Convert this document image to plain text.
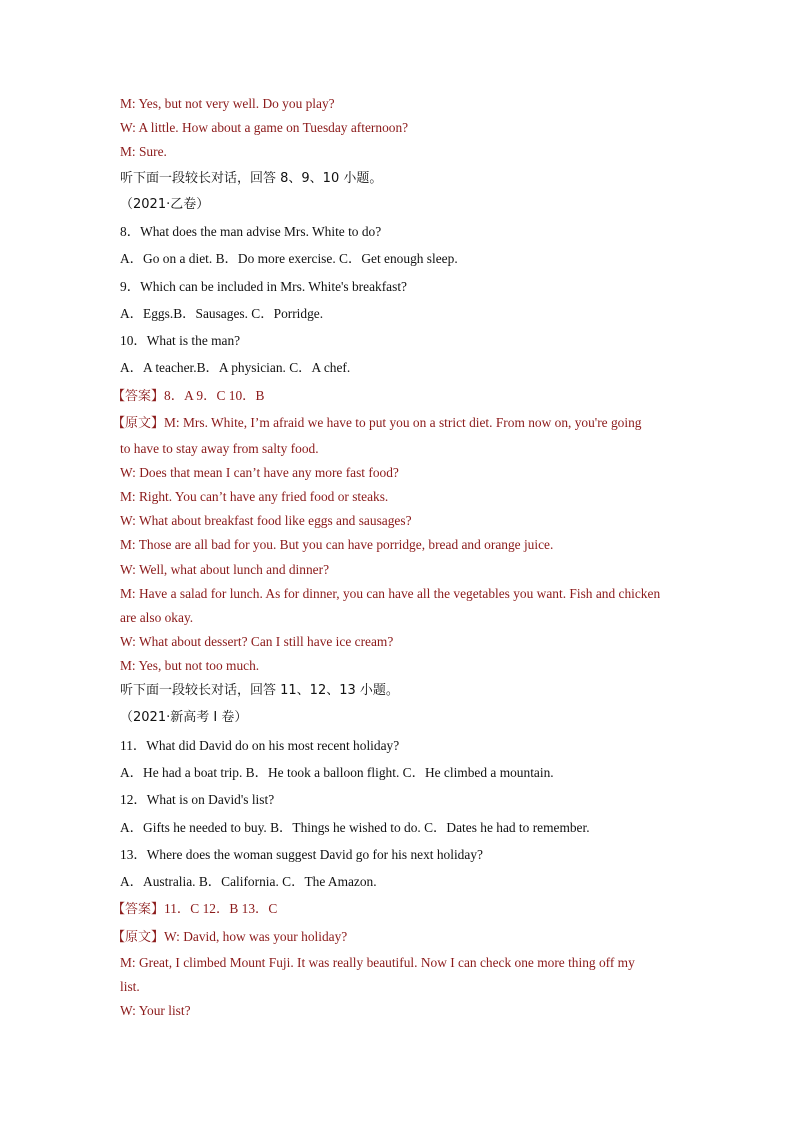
M: Yes, but not very well. Do you play?
W: A little. How about a game on Tuesday afternoon?
M: Sure.
听下面一段较长对话，回答 8、9、10 小题。
（2021·乙卷）
8．What does the man advise Mrs. White to do?
A．Go on a diet. B．Do more exercise. C．Get enough sleep.
9．Which can be included in Mrs. White's breakfast?
A．Eggs.B．Sausages. C．Porridge.
10．What is the man?
A．A teacher.B．A physician. C．A chef.
【答案】8．A 9．C 10．B
【原文】M: Mrs. White, I’m afraid we have to put you on a strict diet. From now on, you're going
to have to stay away from salty food.
W: Does that mean I can’t have any more fast food?
M: Right. You can’t have any fried food or steaks.
W: What about breakfast food like eggs and sausages?
M: Those are all bad for you. But you can have porridge, bread and orange juice.
W: Well, what about lunch and dinner?
M: Have a salad for lunch. As for dinner, you can have all the vegetables you want. Fish and chicken
are also okay.
W: What about dessert? Can I still have ice cream?
M: Yes, but not too much.
听下面一段较长对话，回答 11、12、13 小题。
（2021·新高考 I 卷）
11．What did David do on his most recent holiday?
A．He had a boat trip. B．He took a balloon flight. C．He climbed a mountain.
12．What is on David's list?
A．Gifts he needed to buy. B．Things he wished to do. C．Dates he had to remember.
13．Where does the woman suggest David go for his next holiday?
A．Australia. B．California. C．The Amazon.
【答案】11．C 12．B 13．C
【原文】W: David, how was your holiday?
M: Great, I climbed Mount Fuji. It was really beautiful. Now I can check one more thing off my
list.
W: Your list?
